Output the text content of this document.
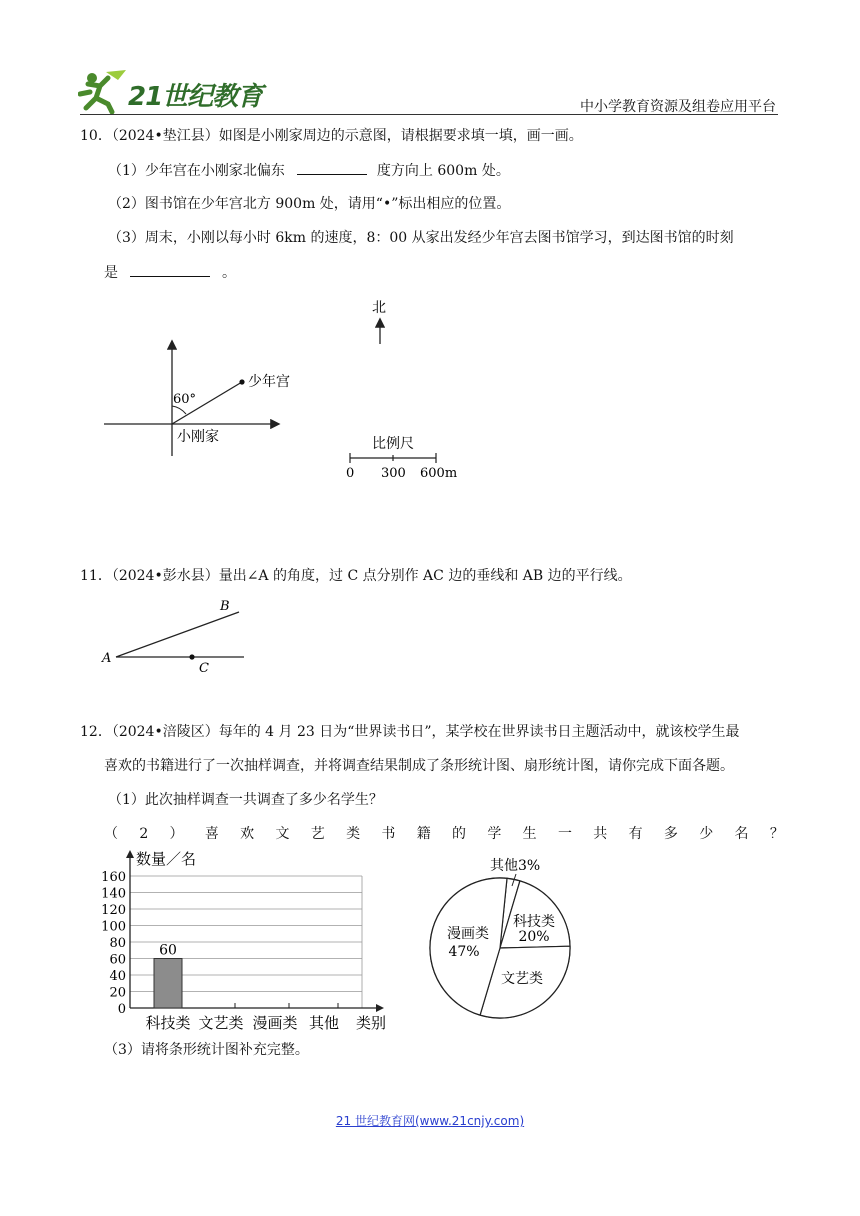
21世纪教育	中小学教育资源及组卷应用平台
10．（2024•垫江县）如图是小刚家周边的示意图，请根据要求填一填，画一画。
（1）少年宫在小刚家北偏东	度方向上 600m 处。
（2）图书馆在少年宫北方 900m 处，请用“•”标出相应的位置。
（3）周末，小刚以每小时 6km 的速度，8：00 从家出发经少年宫去图书馆学习，到达图书馆的时刻
是	。
60°
少年宫
小刚家
北
比例尺
0 300 600m
11．（2024•彭水县）量出∠A 的角度，过 C 点分别作 AC 边的垂线和 AB 边的平行线。
A
B
C
12．（2024•涪陵区）每年的 4 月 23 日为“世界读书日”，某学校在世界读书日主题活动中，就该校学生最
喜欢的书籍进行了一次抽样调查，并将调查结果制成了条形统计图、扇形统计图，请你完成下面各题。
（1）此次抽样调查一共调查了多少名学生？
（ 2 ） 喜 欢 文 艺 类 书 籍 的 学 生 一 共 有 多 少 名 ？
0
20
40
60
80
100
120
140
160
数量／名
类别
科技类
60
文艺类 漫画类 其他
其他3%
科技类
20%
文艺类
漫画类
47%
（3）请将条形统计图补充完整。
21 世纪教育网(www.21cnjy.com)
